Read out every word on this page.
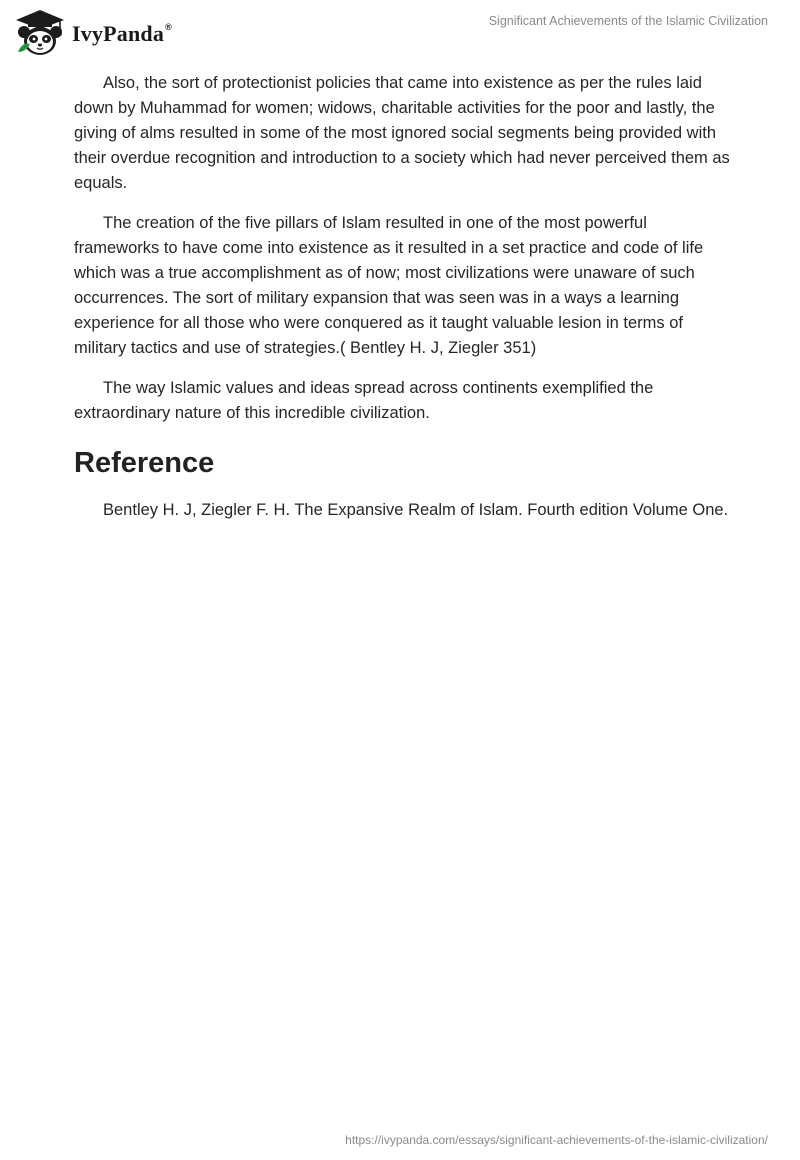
IvyPanda®	Significant Achievements of the Islamic Civilization

Also, the sort of protectionist policies that came into existence as per the rules laid down by Muhammad for women; widows, charitable activities for the poor and lastly, the giving of alms resulted in some of the most ignored social segments being provided with their overdue recognition and introduction to a society which had never perceived them as equals.

The creation of the five pillars of Islam resulted in one of the most powerful frameworks to have come into existence as it resulted in a set practice and code of life which was a true accomplishment as of now; most civilizations were unaware of such occurrences. The sort of military expansion that was seen was in a ways a learning experience for all those who were conquered as it taught valuable lesion in terms of military tactics and use of strategies.( Bentley H. J, Ziegler 351)

The way Islamic values and ideas spread across continents exemplified the extraordinary nature of this incredible civilization.

Reference

Bentley H. J, Ziegler F. H. The Expansive Realm of Islam. Fourth edition Volume One.

https://ivypanda.com/essays/significant-achievements-of-the-islamic-civilization/
